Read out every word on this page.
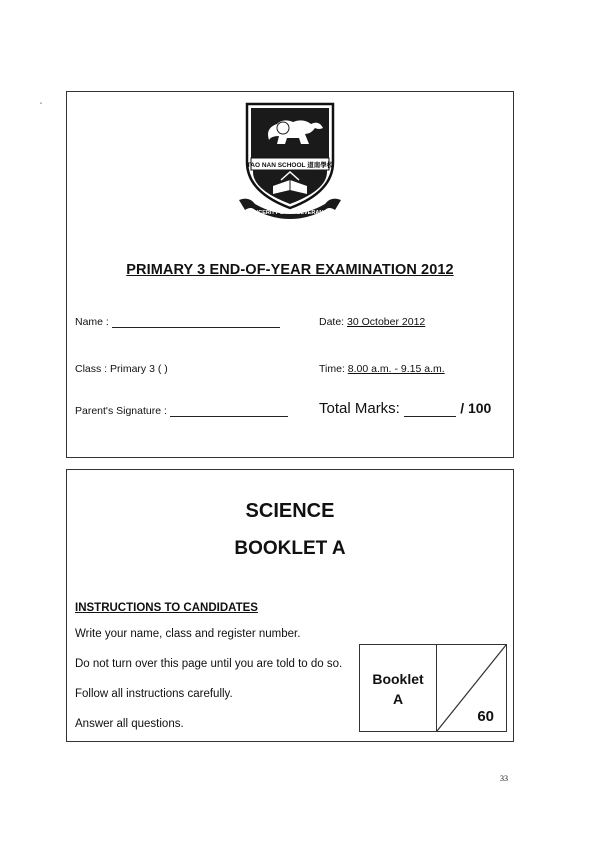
"
TAO NAN SCHOOL 道南學校
SINCERITY & PERSEVERANCE
PRIMARY 3 END-OF-YEAR EXAMINATION 2012
Name :	Date: 30 October 2012
Class : Primary 3 ( )	Time: 8.00 a.m. - 9.15 a.m.
Parent's Signature :	Total Marks:	/ 100
SCIENCE
BOOKLET A
INSTRUCTIONS TO CANDIDATES
Write your name, class and register number.
Do not turn over this page until you are told to do so.
Follow all instructions carefully.
Answer all questions.
Booklet
A
60
33
